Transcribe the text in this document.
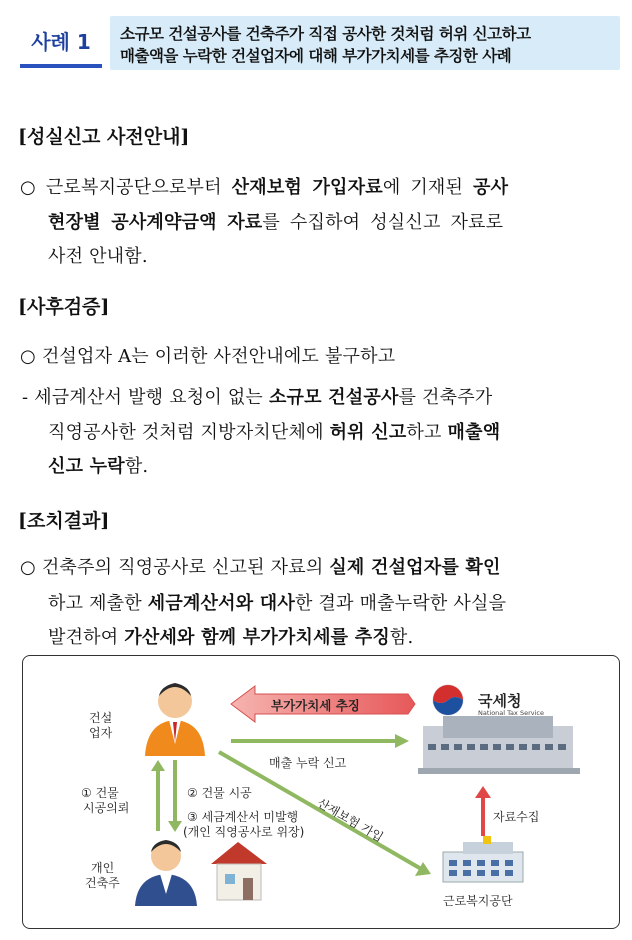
사례 1	소규모 건설공사를 건축주가 직접 공사한 것처럼 허위 신고하고
매출액을 누락한 건설업자에 대해 부가가치세를 추징한 사례
[성실신고 사전안내]
○ 근로복지공단으로부터 산재보험 가입자료에 기재된 공사
현장별 공사계약금액 자료를 수집하여 성실신고 자료로
사전 안내함.
[사후검증]
○ 건설업자 A는 이러한 사전안내에도 불구하고
- 세금계산서 발행 요청이 없는 소규모 건설공사를 건축주가
직영공사한 것처럼 지방자치단체에 허위 신고하고 매출액
신고 누락함.
[조치결과]
○ 건축주의 직영공사로 신고된 자료의 실제 건설업자를 확인
하고 제출한 세금계산서와 대사한 결과 매출누락한 사실을
발견하여 가산세와 함께 부가가치세를 추징함.
건설
업자
부가가치세 추징	국세청
National Tax Service
매출 누락 신고
① 건물
시공의뢰
② 건물 시공
③ 세금계산서 미발행
(개인 직영공사로 위장) 산재보험 가입	자료수집
개인
건축주
근로복지공단
